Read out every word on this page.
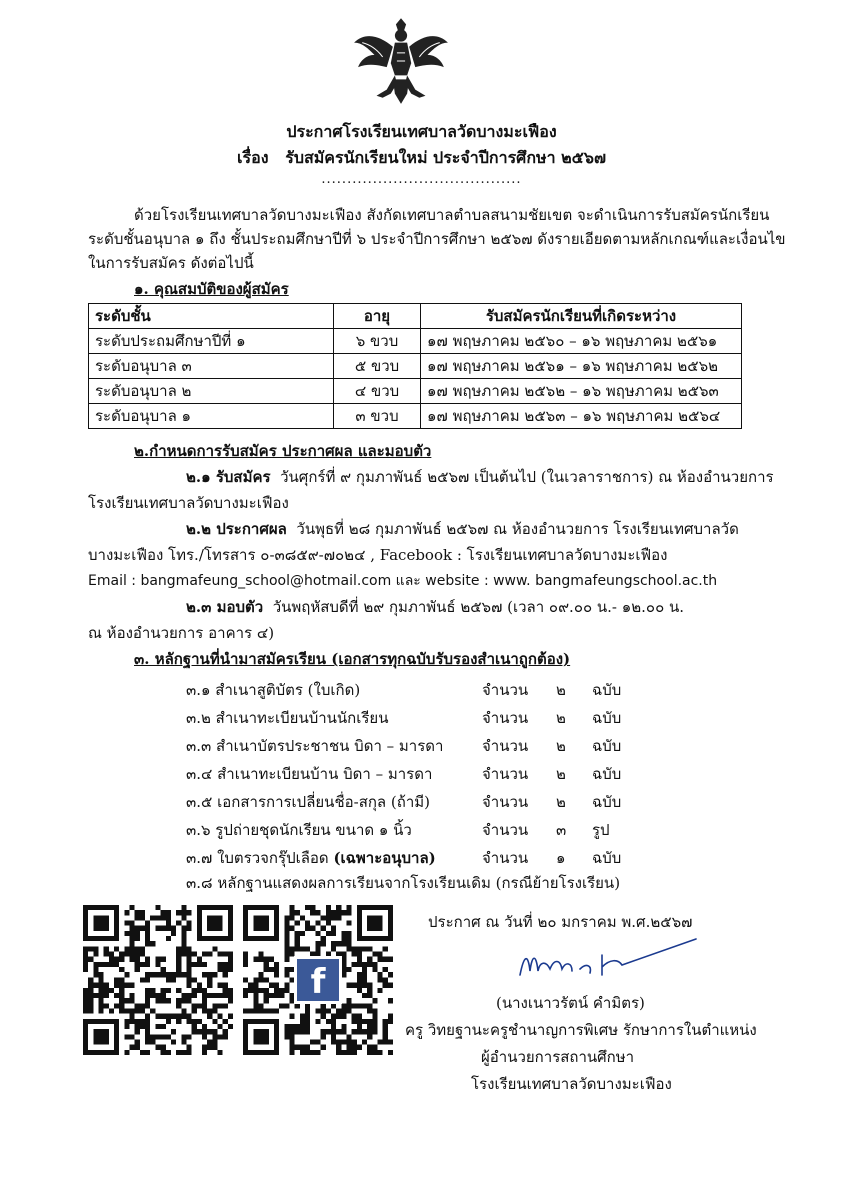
ประกาศโรงเรียนเทศบาลวัดบางมะเฟือง
เรื่อง รับสมัครนักเรียนใหม่ ประจำปีการศึกษา ๒๕๖๗
.......................................
ด้วยโรงเรียนเทศบาลวัดบางมะเฟือง สังกัดเทศบาลตำบลสนามชัยเขต จะดำเนินการรับสมัครนักเรียน
ระดับชั้นอนุบาล ๑ ถึง ชั้นประถมศึกษาปีที่ ๖ ประจำปีการศึกษา ๒๕๖๗ ดังรายเอียดตามหลักเกณฑ์และเงื่อนไข
ในการรับสมัคร ดังต่อไปนี้
๑. คุณสมบัติของผู้สมัคร
ระดับชั้น	อายุ	รับสมัครนักเรียนที่เกิดระหว่าง
ระดับประถมศึกษาปีที่ ๑	๖ ขวบ	๑๗ พฤษภาคม ๒๕๖๐ – ๑๖ พฤษภาคม ๒๕๖๑
ระดับอนุบาล ๓	๕ ขวบ	๑๗ พฤษภาคม ๒๕๖๑ – ๑๖ พฤษภาคม ๒๕๖๒
ระดับอนุบาล ๒	๔ ขวบ	๑๗ พฤษภาคม ๒๕๖๒ – ๑๖ พฤษภาคม ๒๕๖๓
ระดับอนุบาล ๑	๓ ขวบ	๑๗ พฤษภาคม ๒๕๖๓ – ๑๖ พฤษภาคม ๒๕๖๔
๒.กำหนดการรับสมัคร ประกาศผล และมอบตัว
๒.๑ รับสมัคร วันศุกร์ที่ ๙ กุมภาพันธ์ ๒๕๖๗ เป็นต้นไป (ในเวลาราชการ) ณ ห้องอำนวยการ
โรงเรียนเทศบาลวัดบางมะเฟือง
๒.๒ ประกาศผล วันพุธที่ ๒๘ กุมภาพันธ์ ๒๕๖๗ ณ ห้องอำนวยการ โรงเรียนเทศบาลวัด
บางมะเฟือง โทร./โทรสาร ๐-๓๘๕๙-๗๐๒๔ , Facebook : โรงเรียนเทศบาลวัดบางมะเฟือง
Email : bangmafeung_school@hotmail.com และ website : www. bangmafeungschool.ac.th
๒.๓ มอบตัว วันพฤหัสบดีที่ ๒๙ กุมภาพันธ์ ๒๕๖๗ (เวลา ๐๙.๐๐ น.- ๑๒.๐๐ น.
ณ ห้องอำนวยการ อาคาร ๔)
๓. หลักฐานที่นำมาสมัครเรียน (เอกสารทุกฉบับรับรองสำเนาถูกต้อง)
๓.๑ สำเนาสูติบัตร (ใบเกิด)	จำนวน ๒ ฉบับ
๓.๒ สำเนาทะเบียนบ้านนักเรียน	จำนวน ๒ ฉบับ
๓.๓ สำเนาบัตรประชาชน บิดา – มารดา	จำนวน ๒ ฉบับ
๓.๔ สำเนาทะเบียนบ้าน บิดา – มารดา	จำนวน ๒ ฉบับ
๓.๕ เอกสารการเปลี่ยนชื่อ-สกุล (ถ้ามี)	จำนวน ๒ ฉบับ
๓.๖ รูปถ่ายชุดนักเรียน ขนาด ๑ นิ้ว	จำนวน ๓ รูป
๓.๗ ใบตรวจกรุ๊ปเลือด (เฉพาะอนุบาล)	จำนวน ๑ ฉบับ
๓.๘ หลักฐานแสดงผลการเรียนจากโรงเรียนเดิม (กรณีย้ายโรงเรียน)
f
ประกาศ ณ วันที่ ๒๐ มกราคม พ.ศ.๒๕๖๗
(นางเนาวรัตน์ คำมิตร)
ครู วิทยฐานะครูชำนาญการพิเศษ รักษาการในตำแหน่ง
ผู้อำนวยการสถานศึกษา
โรงเรียนเทศบาลวัดบางมะเฟือง
